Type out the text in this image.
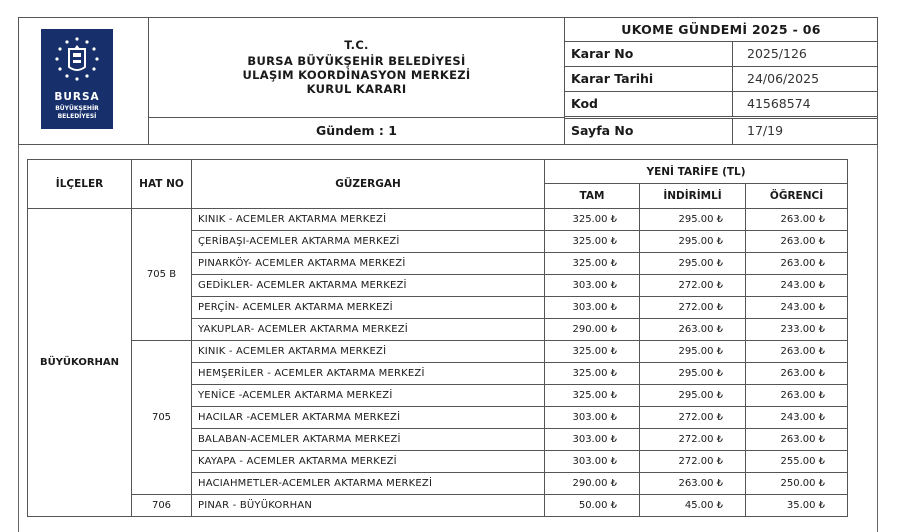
BURSA
BÜYÜKŞEHİR
BELEDİYESİ
T.C.
BURSA BÜYÜKŞEHİR BELEDİYESİ
ULAŞIM KOORDİNASYON MERKEZİ
KURUL KARARI
Gündem : 1
UKOME GÜNDEMİ 2025 - 06
Karar No	2025/126
Karar Tarihi	24/06/2025
Kod	41568574
Sayfa No	17/19
İLÇELER	HAT NO	GÜZERGAH	YENİ TARİFE (TL)		
			TAM	İNDİRİMLİ	ÖĞRENCİ
BÜYÜKORHAN	705 B	KINIK - ACEMLER AKTARMA MERKEZİ	325.00 ₺	295.00 ₺	263.00 ₺
		ÇERİBAŞI-ACEMLER AKTARMA MERKEZİ	325.00 ₺	295.00 ₺	263.00 ₺
		PINARKÖY- ACEMLER AKTARMA MERKEZİ	325.00 ₺	295.00 ₺	263.00 ₺
		GEDİKLER- ACEMLER AKTARMA MERKEZİ	303.00 ₺	272.00 ₺	243.00 ₺
		PERÇİN- ACEMLER AKTARMA MERKEZİ	303.00 ₺	272.00 ₺	243.00 ₺
		YAKUPLAR- ACEMLER AKTARMA MERKEZİ	290.00 ₺	263.00 ₺	233.00 ₺
	705	KINIK - ACEMLER AKTARMA MERKEZİ	325.00 ₺	295.00 ₺	263.00 ₺
		HEMŞERİLER - ACEMLER AKTARMA MERKEZİ	325.00 ₺	295.00 ₺	263.00 ₺
		YENİCE -ACEMLER AKTARMA MERKEZİ	325.00 ₺	295.00 ₺	263.00 ₺
		HACILAR -ACEMLER AKTARMA MERKEZİ	303.00 ₺	272.00 ₺	243.00 ₺
		BALABAN-ACEMLER AKTARMA MERKEZİ	303.00 ₺	272.00 ₺	263.00 ₺
		KAYAPA - ACEMLER AKTARMA MERKEZİ	303.00 ₺	272.00 ₺	255.00 ₺
		HACIAHMETLER-ACEMLER AKTARMA MERKEZİ	290.00 ₺	263.00 ₺	250.00 ₺
	706	PINAR - BÜYÜKORHAN	50.00 ₺	45.00 ₺	35.00 ₺
